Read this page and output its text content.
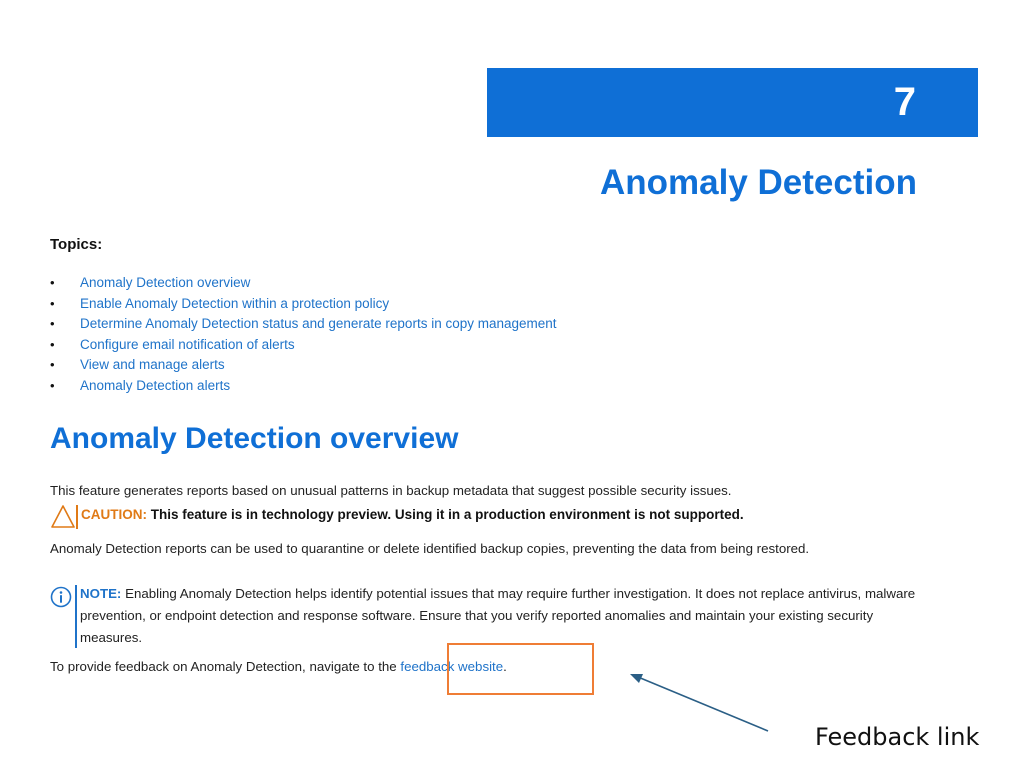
7
Anomaly Detection
Topics:
• Anomaly Detection overview
• Enable Anomaly Detection within a protection policy
• Determine Anomaly Detection status and generate reports in copy management
• Configure email notification of alerts
• View and manage alerts
• Anomaly Detection alerts
Anomaly Detection overview

This feature generates reports based on unusual patterns in backup metadata that suggest possible security issues.

CAUTION: This feature is in technology preview. Using it in a production environment is not supported.

Anomaly Detection reports can be used to quarantine or delete identified backup copies, preventing the data from being restored.

NOTE: Enabling Anomaly Detection helps identify potential issues that may require further investigation. It does not replace antivirus, malware prevention, or endpoint detection and response software. Ensure that you verify reported anomalies and maintain your existing security measures.

To provide feedback on Anomaly Detection, navigate to the feedback website.

Feedback link
